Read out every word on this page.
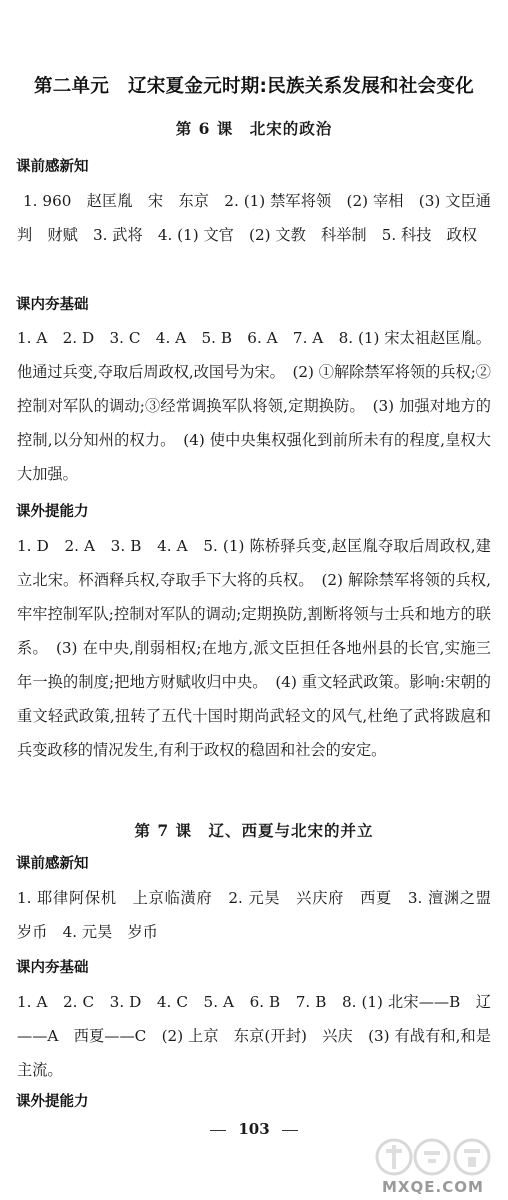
第二单元　辽宋夏金元时期:民族关系发展和社会变化
第 6 课　北宋的政治
课前感新知
1. 960　赵匡胤　宋　东京　2. (1) 禁军将领　(2) 宰相　(3) 文臣通判　财赋　3. 武将　4. (1) 文官　(2) 文教　科举制　5. 科技　政权
课内夯基础
1. A　2. D　3. C　4. A　5. B　6. A　7. A　8. (1) 宋太祖赵匡胤。他通过兵变,夺取后周政权,改国号为宋。　(2) ①解除禁军将领的兵权;②控制对军队的调动;③经常调换军队将领,定期换防。　(3) 加强对地方的控制,以分知州的权力。　(4) 使中央集权强化到前所未有的程度,皇权大大加强。
课外提能力
1. D　2. A　3. B　4. A　5. (1) 陈桥驿兵变,赵匡胤夺取后周政权,建立北宋。杯酒释兵权,夺取手下大将的兵权。　(2) 解除禁军将领的兵权,牢牢控制军队;控制对军队的调动;定期换防,割断将领与士兵和地方的联系。　(3) 在中央,削弱相权;在地方,派文臣担任各地州县的长官,实施三年一换的制度;把地方财赋收归中央。　(4) 重文轻武政策。影响:宋朝的重文轻武政策,扭转了五代十国时期尚武轻文的风气,杜绝了武将跋扈和兵变政移的情况发生,有利于政权的稳固和社会的安定。
第 7 课　辽、西夏与北宋的并立
课前感新知
1. 耶律阿保机　上京临潢府　2. 元昊　兴庆府　西夏　3. 澶渊之盟　岁币　4. 元昊　岁币
课内夯基础
1. A　2. C　3. D　4. C　5. A　6. B　7. B　8. (1) 北宋——B　辽——A　西夏——C　(2) 上京　东京(开封)　兴庆　(3) 有战有和,和是主流。
课外提能力
103
MXQE.COM
